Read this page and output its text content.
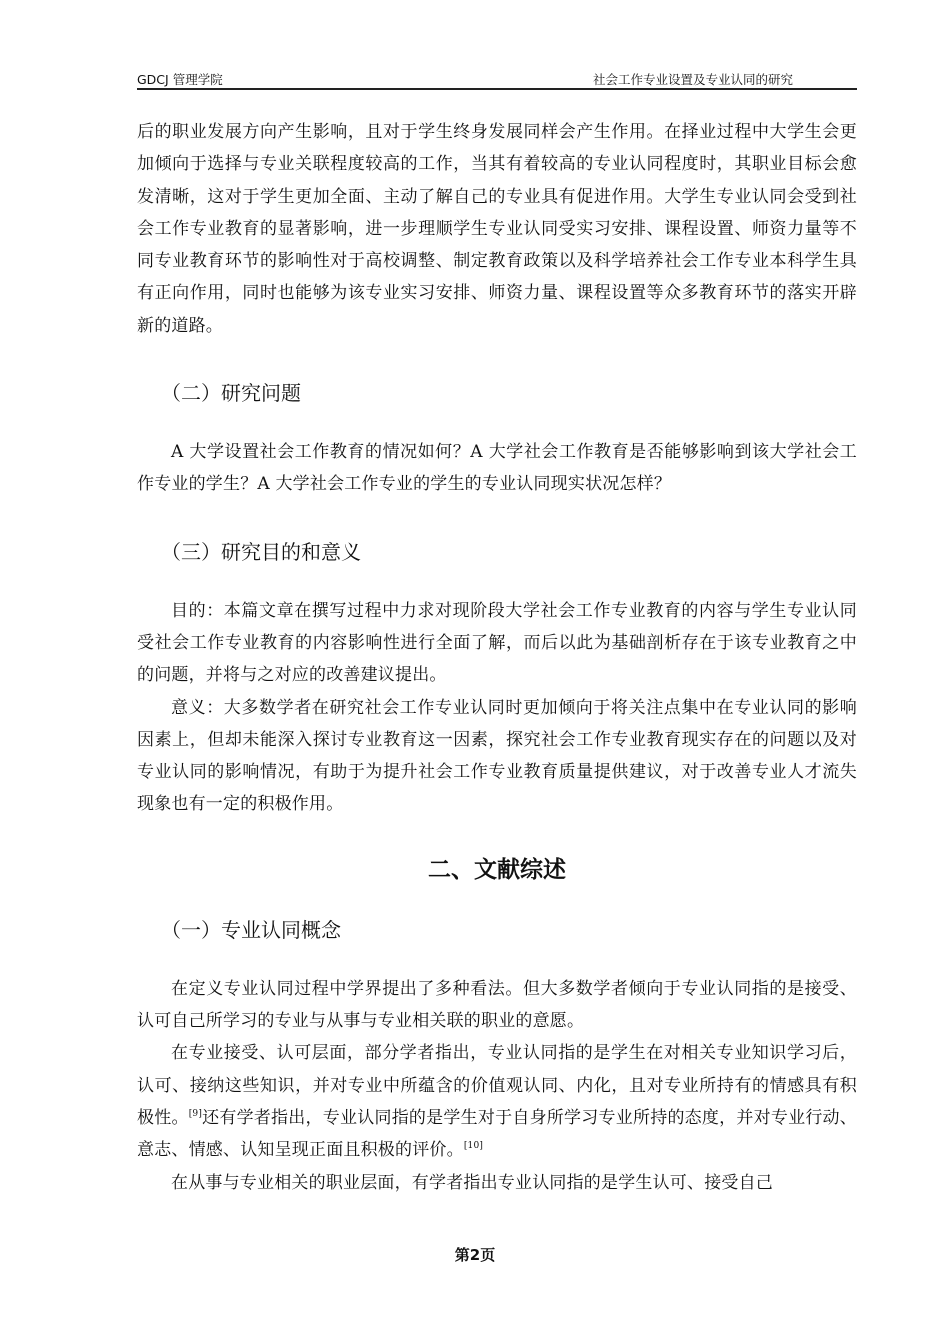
GDCJ 管理学院	社会工作专业设置及专业认同的研究

后的职业发展方向产生影响，且对于学生终身发展同样会产生作用。在择业过程中大学生会更加倾向于选择与专业关联程度较高的工作，当其有着较高的专业认同程度时，其职业目标会愈发清晰，这对于学生更加全面、主动了解自己的专业具有促进作用。大学生专业认同会受到社会工作专业教育的显著影响，进一步理顺学生专业认同受实习安排、课程设置、师资力量等不同专业教育环节的影响性对于高校调整、制定教育政策以及科学培养社会工作专业本科学生具有正向作用，同时也能够为该专业实习安排、师资力量、课程设置等众多教育环节的落实开辟新的道路。

（二）研究问题

A 大学设置社会工作教育的情况如何？A 大学社会工作教育是否能够影响到该大学社会工作专业的学生？A 大学社会工作专业的学生的专业认同现实状况怎样？

（三）研究目的和意义

目的：本篇文章在撰写过程中力求对现阶段大学社会工作专业教育的内容与学生专业认同受社会工作专业教育的内容影响性进行全面了解，而后以此为基础剖析存在于该专业教育之中的问题，并将与之对应的改善建议提出。

意义：大多数学者在研究社会工作专业认同时更加倾向于将关注点集中在专业认同的影响因素上，但却未能深入探讨专业教育这一因素，探究社会工作专业教育现实存在的问题以及对专业认同的影响情况，有助于为提升社会工作专业教育质量提供建议，对于改善专业人才流失现象也有一定的积极作用。

二、文献综述
（一）专业认同概念

在定义专业认同过程中学界提出了多种看法。但大多数学者倾向于专业认同指的是接受、认可自己所学习的专业与从事与专业相关联的职业的意愿。

在专业接受、认可层面，部分学者指出，专业认同指的是学生在对相关专业知识学习后，认可、接纳这些知识，并对专业中所蕴含的价值观认同、内化，且对专业所持有的情感具有积极性。[9]还有学者指出，专业认同指的是学生对于自身所学习专业所持的态度，并对专业行动、意志、情感、认知呈现正面且积极的评价。[10]

在从事与专业相关的职业层面，有学者指出专业认同指的是学生认可、接受自己

第2页
